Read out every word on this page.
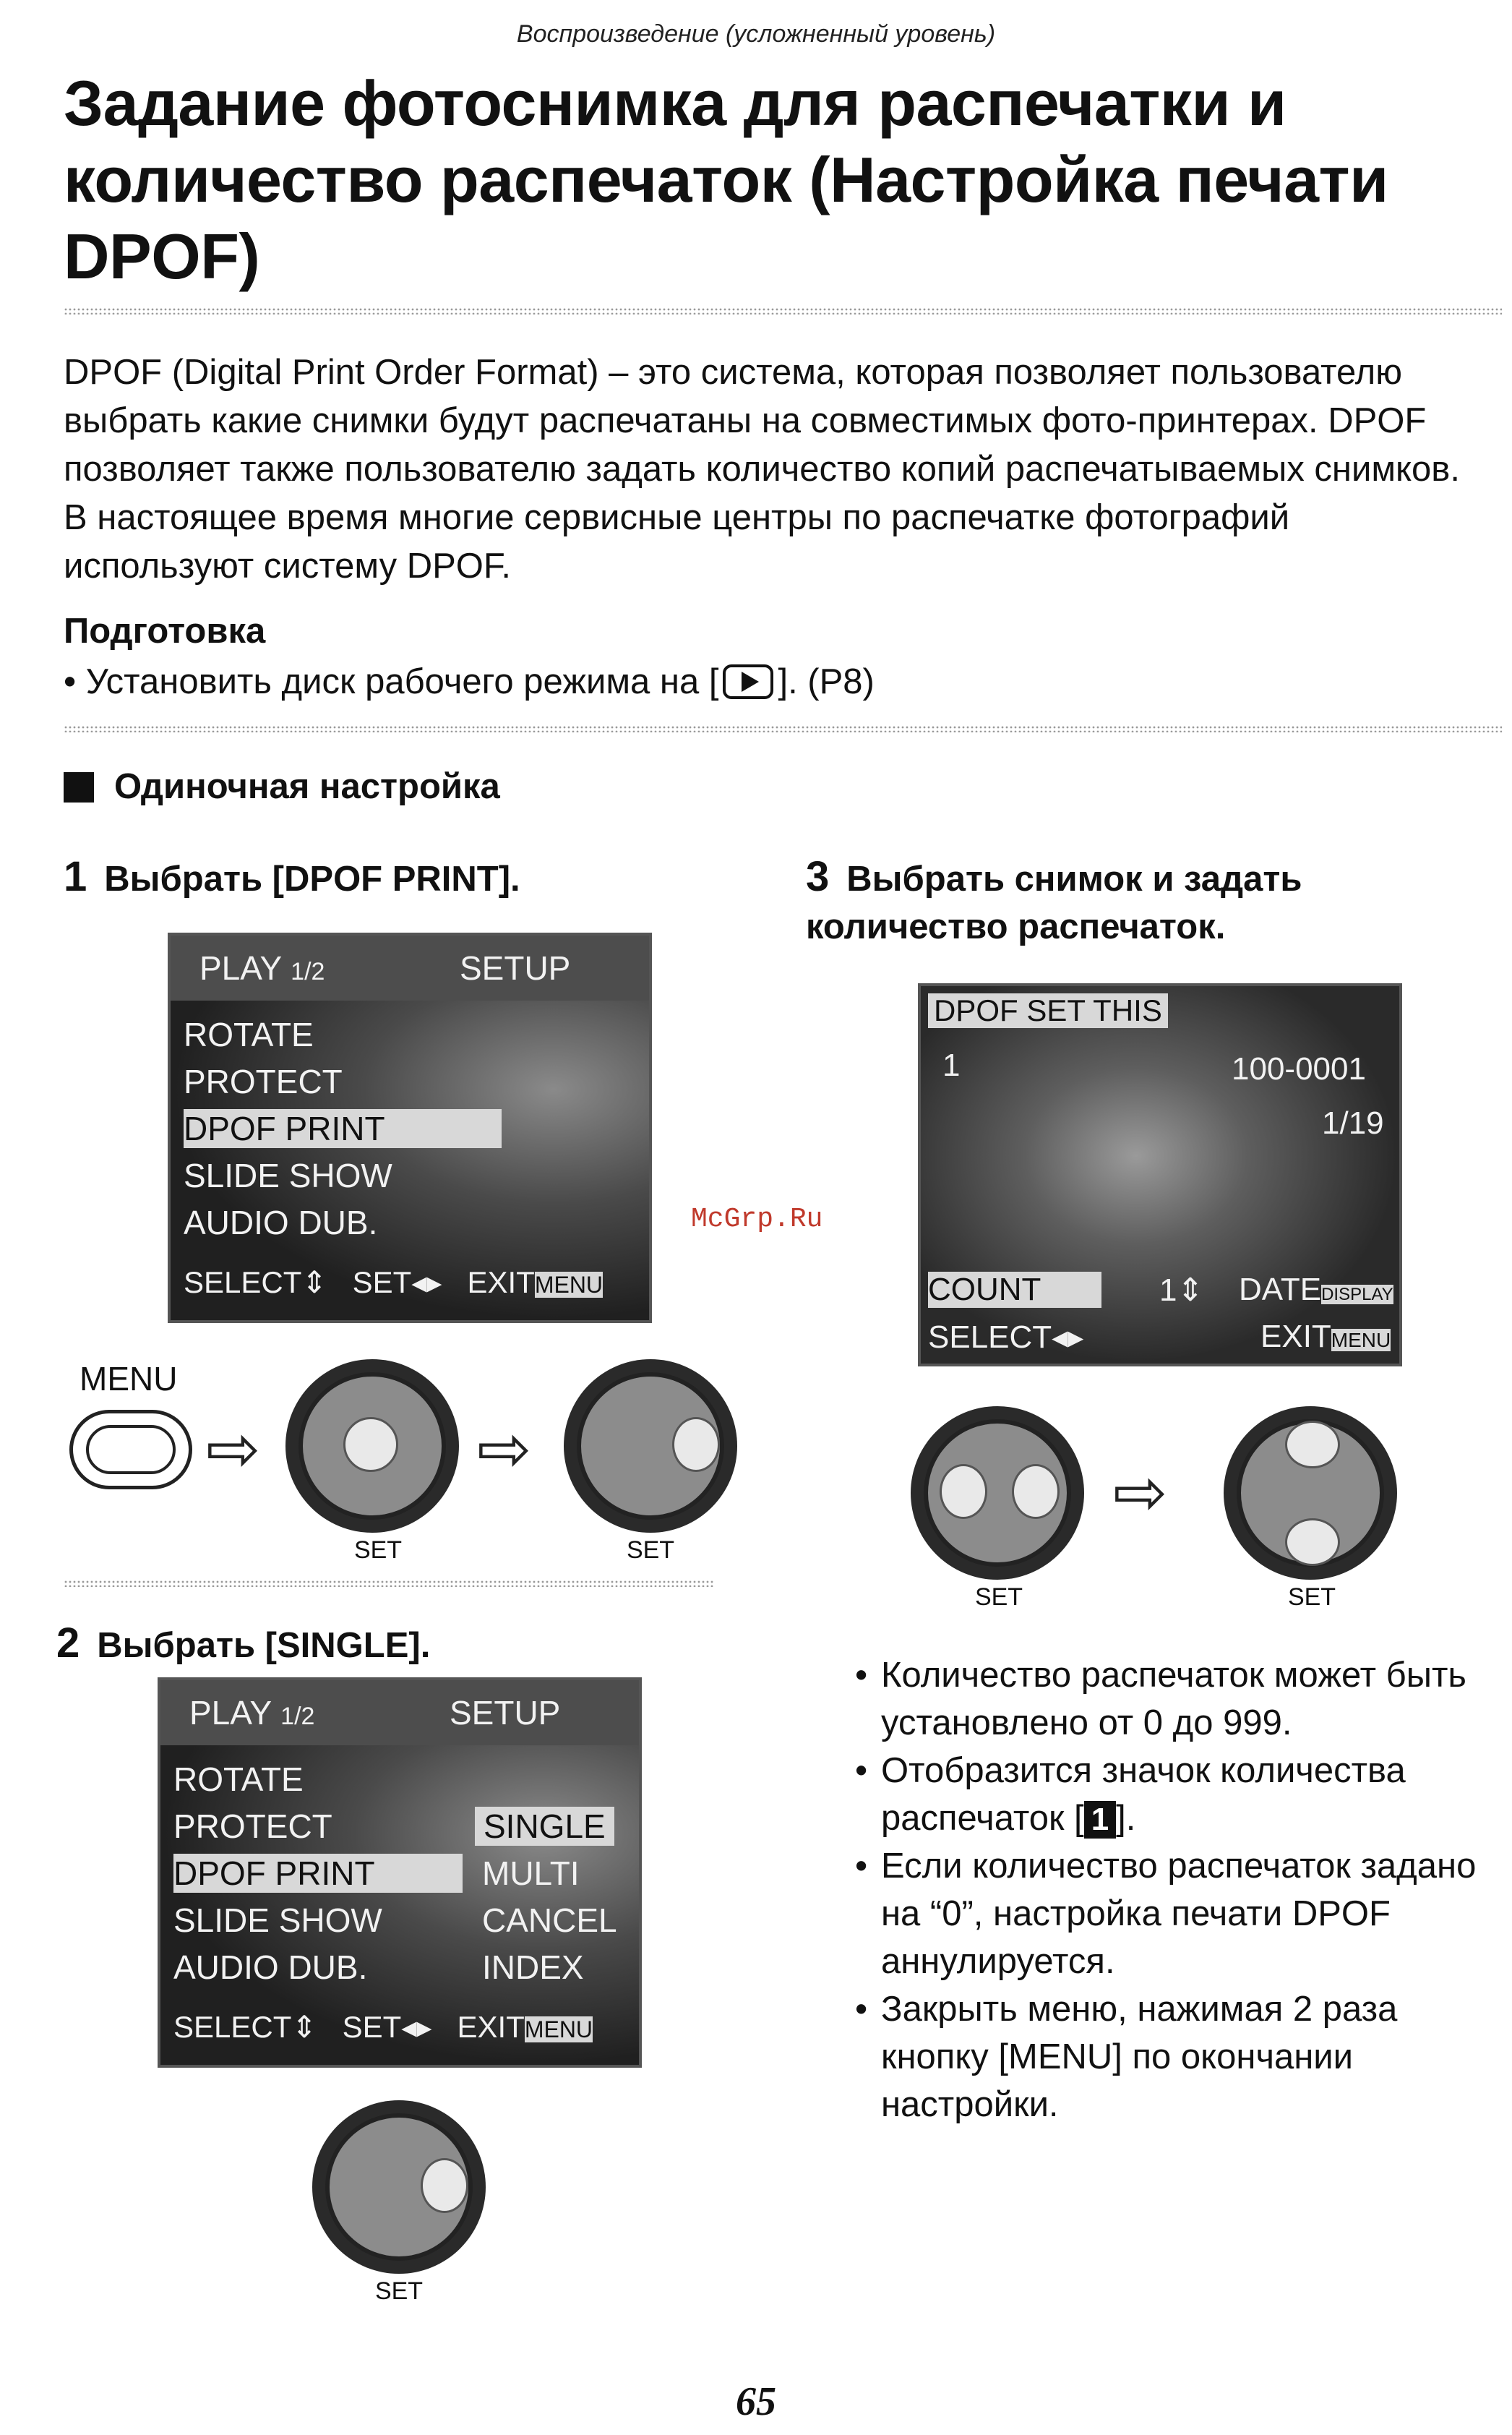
Воспроизведение (усложненный уровень)
Задание фотоснимка для распечатки и количество распечаток (Настройка печати DPOF)
DPOF (Digital Print Order Format) – это система, которая позволяет пользователю выбрать какие снимки будут распечатаны на совместимых фото-принтерах. DPOF позволяет также пользователю задать количество копий распечатываемых снимков. В настоящее время многие сервисные центры по распечатке фотографий используют систему DPOF.
Подготовка
• Установить диск рабочего режима на [ ]. (P8)
Одиночная настройка
1 Выбрать [DPOF PRINT].
PLAY 1/2	SETUP
ROTATE
PROTECT
DPOF PRINT
SLIDE SHOW
AUDIO DUB.
SELECT⇕   SET◂▸   EXITMENU
MENU
⇨
SET
⇨
SET
McGrp.Ru
2 Выбрать [SINGLE].
PLAY 1/2	SETUP
ROTATE
PROTECT
DPOF PRINT
SLIDE SHOW
AUDIO DUB.
SINGLE
MULTI
CANCEL
INDEX
SELECT⇕   SET◂▸   EXITMENU
SET
3 Выбрать снимок и задать количество распечаток.
DPOF SET THIS
1	100-0001
1/19
COUNT	1⇕ DATEDISPLAY
SELECT◂▸	EXITMENU
SET
⇨
SET
• Количество распечаток может быть установлено от 0 до 999.
• Отобразится значок количества распечаток [ 1 ].
• Если количество распечаток задано на “0”, настройка печати DPOF аннулируется.
• Закрыть меню, нажимая 2 раза кнопку [MENU] по окончании настройки.
65
